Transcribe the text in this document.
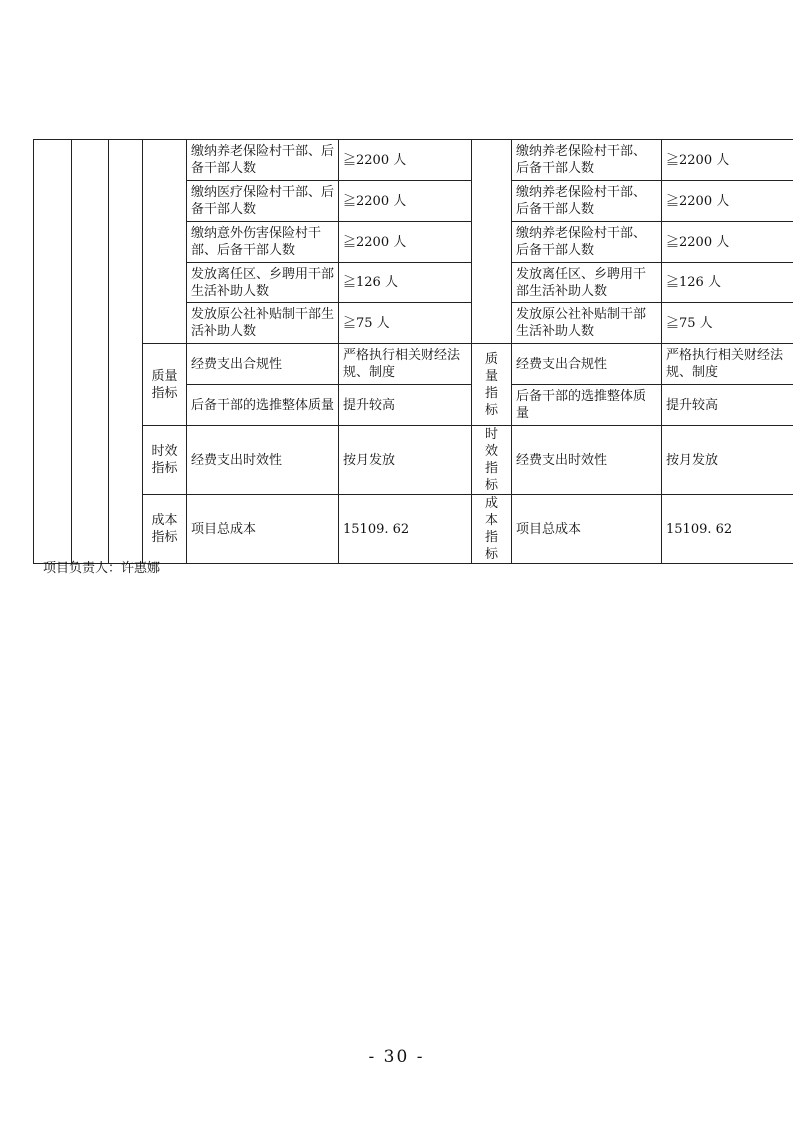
				缴纳养老保险村干部、后备干部人数	≧2200 人		缴纳养老保险村干部、后备干部人数	≧2200 人
				缴纳医疗保险村干部、后备干部人数	≧2200 人		缴纳养老保险村干部、后备干部人数	≧2200 人
				缴纳意外伤害保险村干部、后备干部人数	≧2200 人		缴纳养老保险村干部、后备干部人数	≧2200 人
				发放离任区、乡聘用干部生活补助人数	≧126 人		发放离任区、乡聘用干部生活补助人数	≧126 人
				发放原公社补贴制干部生活补助人数	≧75 人		发放原公社补贴制干部生活补助人数	≧75 人
			质量指标	经费支出合规性	严格执行相关财经法规、制度	质量指标	经费支出合规性	严格执行相关财经法规、制度
				后备干部的选推整体质量	提升较高		后备干部的选推整体质量	提升较高
			时效指标	经费支出时效性	按月发放	时效指标	经费支出时效性	按月发放
			成本指标	项目总成本	15109. 62	成本指标	项目总成本	15109. 62
项目负责人：许惠娜
- 30 -
